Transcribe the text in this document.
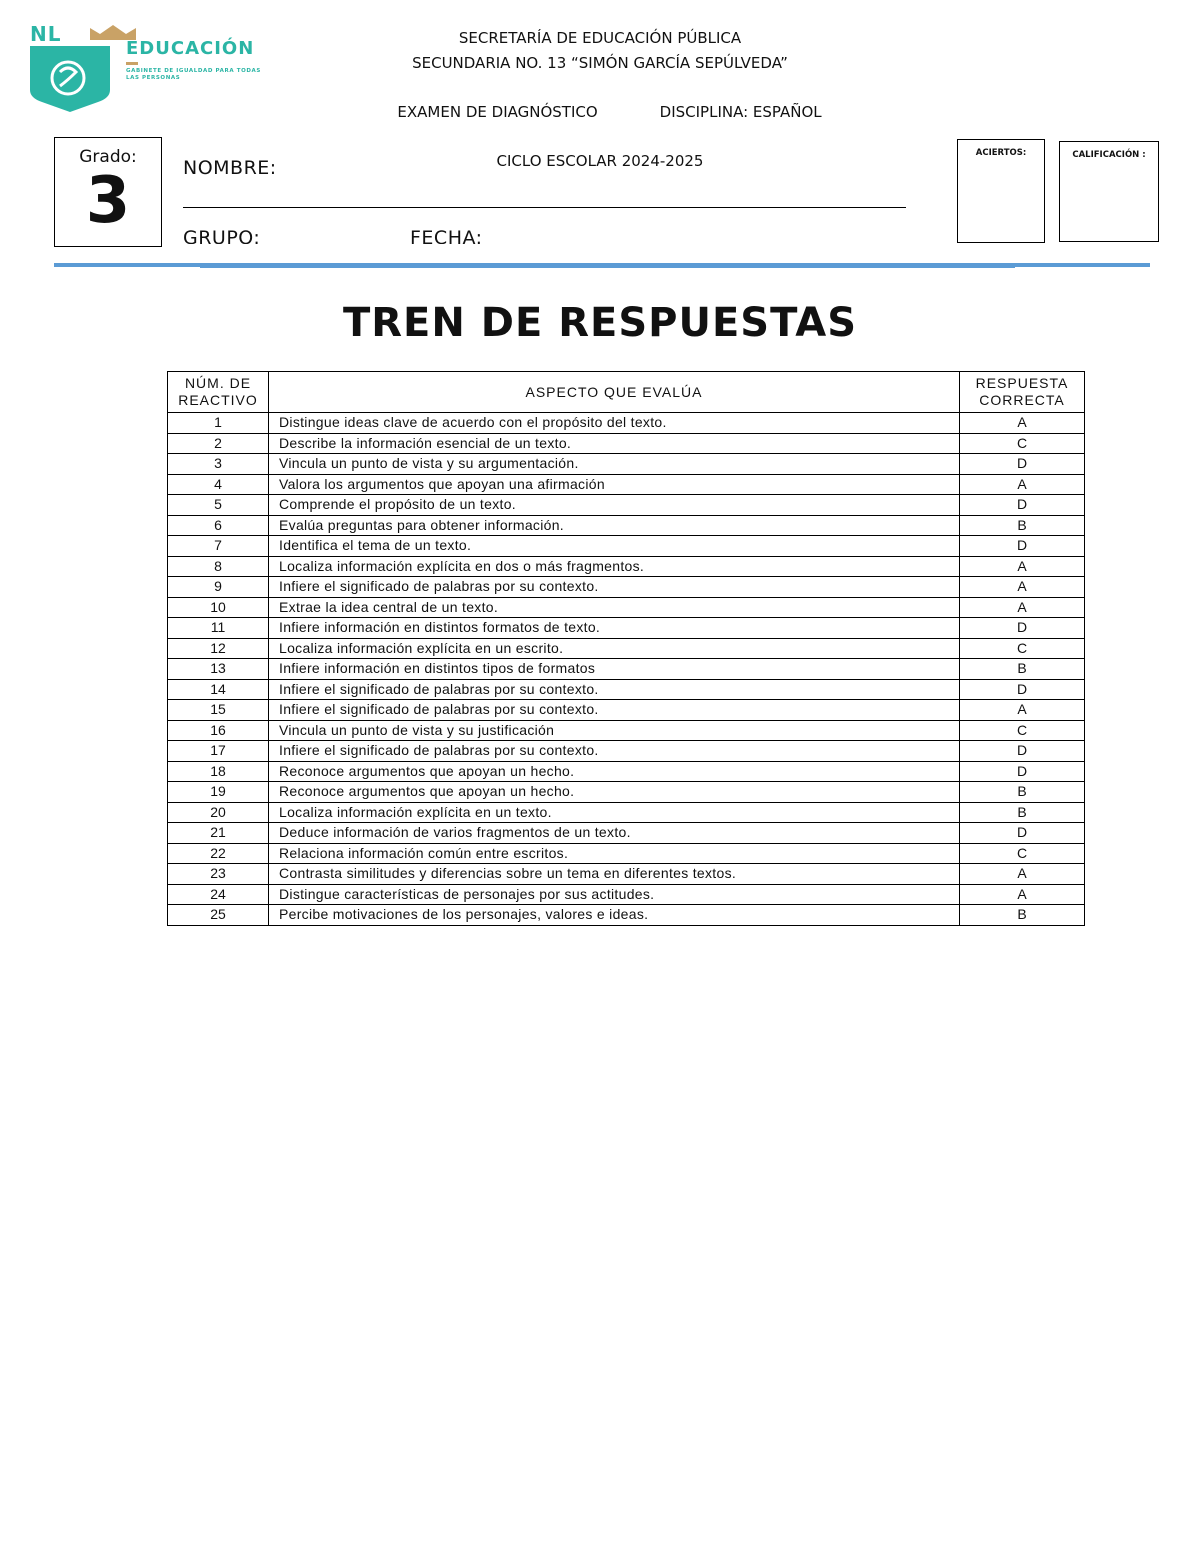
NL
EDUCACIÓN
GABINETE DE IGUALDAD PARA TODAS LAS PERSONAS
SECRETARÍA DE EDUCACIÓN PÚBLICA
SECUNDARIA NO. 13 “SIMÓN GARCÍA SEPÚLVEDA”

EXAMEN DE DIAGNÓSTICO	DISCIPLINA: ESPAÑOL

CICLO ESCOLAR 2024-2025
Grado:
3	NOMBRE:
GRUPO:	FECHA:
ACIERTOS:	CALIFICACIÓN :
TREN DE RESPUESTAS
NÚM. DE REACTIVO	ASPECTO QUE EVALÚA	RESPUESTA CORRECTA
1	Distingue ideas clave de acuerdo con el propósito del texto.	A
2	Describe la información esencial de un texto.	C
3	Vincula un punto de vista y su argumentación.	D
4	Valora los argumentos que apoyan una afirmación	A
5	Comprende el propósito de un texto.	D
6	Evalúa preguntas para obtener información.	B
7	Identifica el tema de un texto.	D
8	Localiza información explícita en dos o más fragmentos.	A
9	Infiere el significado de palabras por su contexto.	A
10	Extrae la idea central de un texto.	A
11	Infiere información en distintos formatos de texto.	D
12	Localiza información explícita en un escrito.	C
13	Infiere información en distintos tipos de formatos	B
14	Infiere el significado de palabras por su contexto.	D
15	Infiere el significado de palabras por su contexto.	A
16	Vincula un punto de vista y su justificación	C
17	Infiere el significado de palabras por su contexto.	D
18	Reconoce argumentos que apoyan un hecho.	D
19	Reconoce argumentos que apoyan un hecho.	B
20	Localiza información explícita en un texto.	B
21	Deduce información de varios fragmentos de un texto.	D
22	Relaciona información común entre escritos.	C
23	Contrasta similitudes y diferencias sobre un tema en diferentes textos.	A
24	Distingue características de personajes por sus actitudes.	A
25	Percibe motivaciones de los personajes, valores e ideas.	B
